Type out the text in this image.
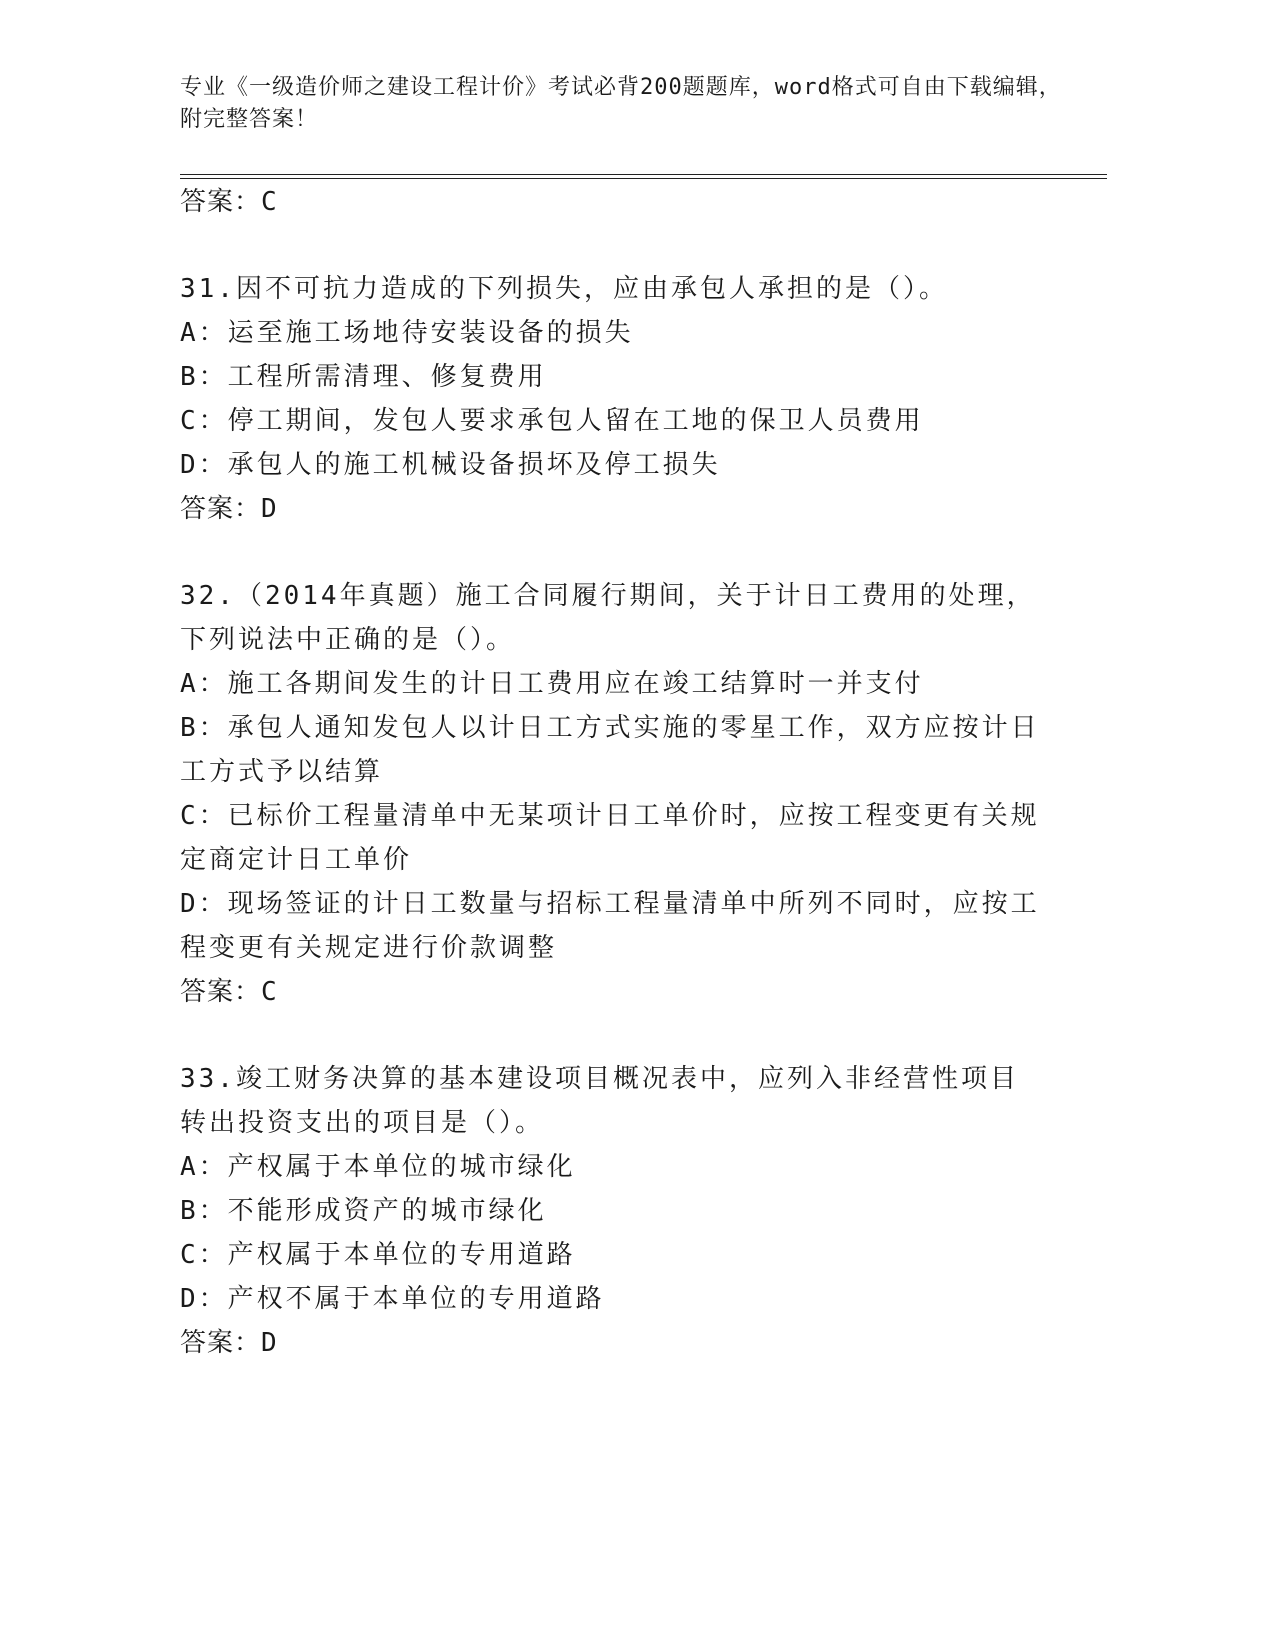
专业《一级造价师之建设工程计价》考试必背200题题库，word格式可自由下载编辑，附完整答案！
答案：C
31.因不可抗力造成的下列损失，应由承包人承担的是（）。
A：运至施工场地待安装设备的损失
B：工程所需清理、修复费用
C：停工期间，发包人要求承包人留在工地的保卫人员费用
D：承包人的施工机械设备损坏及停工损失
答案：D
32.（2014年真题）施工合同履行期间，关于计日工费用的处理，下列说法中正确的是（）。
A：施工各期间发生的计日工费用应在竣工结算时一并支付
B：承包人通知发包人以计日工方式实施的零星工作，双方应按计日工方式予以结算
C：已标价工程量清单中无某项计日工单价时，应按工程变更有关规定商定计日工单价
D：现场签证的计日工数量与招标工程量清单中所列不同时，应按工程变更有关规定进行价款调整
答案：C
33.竣工财务决算的基本建设项目概况表中，应列入非经营性项目转出投资支出的项目是（）。
A：产权属于本单位的城市绿化
B：不能形成资产的城市绿化
C：产权属于本单位的专用道路
D：产权不属于本单位的专用道路
答案：D
